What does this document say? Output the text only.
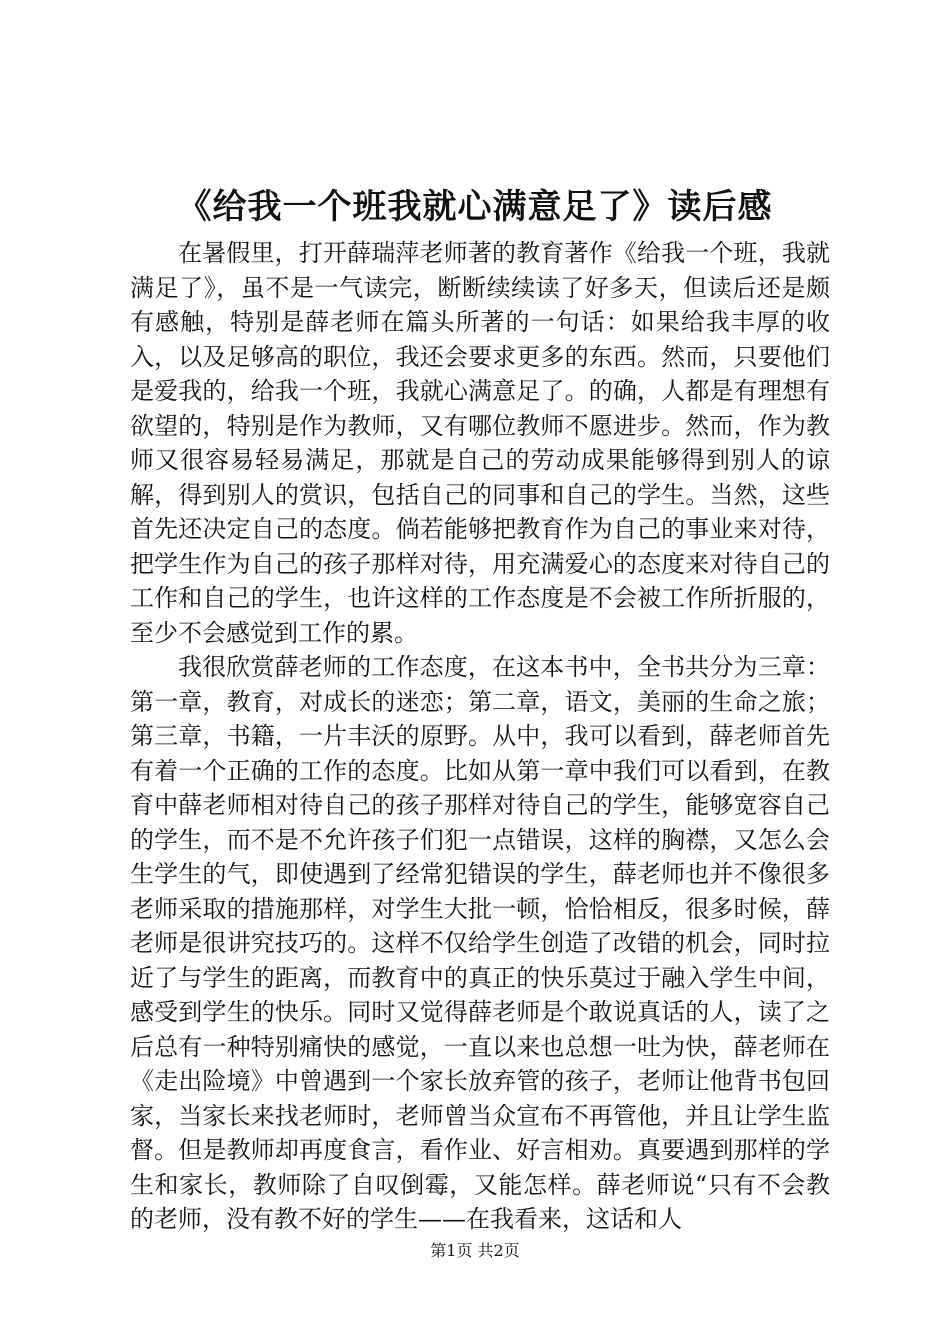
《给我一个班我就心满意足了》读后感

在暑假里，打开薛瑞萍老师著的教育著作《给我一个班，我就满足了》，虽不是一气读完，断断续续读了好多天，但读后还是颇有感触，特别是薛老师在篇头所著的一句话：如果给我丰厚的收入，以及足够高的职位，我还会要求更多的东西。然而，只要他们是爱我的，给我一个班，我就心满意足了。的确，人都是有理想有欲望的，特别是作为教师，又有哪位教师不愿进步。然而，作为教师又很容易轻易满足，那就是自己的劳动成果能够得到别人的谅解，得到别人的赏识，包括自己的同事和自己的学生。当然，这些首先还决定自己的态度。倘若能够把教育作为自己的事业来对待，把学生作为自己的孩子那样对待，用充满爱心的态度来对待自己的工作和自己的学生，也许这样的工作态度是不会被工作所折服的，至少不会感觉到工作的累。

我很欣赏薛老师的工作态度，在这本书中，全书共分为三章：第一章，教育，对成长的迷恋；第二章，语文，美丽的生命之旅；第三章，书籍，一片丰沃的原野。从中，我可以看到，薛老师首先有着一个正确的工作的态度。比如从第一章中我们可以看到，在教育中薛老师相对待自己的孩子那样对待自己的学生，能够宽容自己的学生，而不是不允许孩子们犯一点错误，这样的胸襟，又怎么会生学生的气，即使遇到了经常犯错误的学生，薛老师也并不像很多老师采取的措施那样，对学生大批一顿，恰恰相反，很多时候，薛老师是很讲究技巧的。这样不仅给学生创造了改错的机会，同时拉近了与学生的距离，而教育中的真正的快乐莫过于融入学生中间，感受到学生的快乐。同时又觉得薛老师是个敢说真话的人，读了之后总有一种特别痛快的感觉，一直以来也总想一吐为快，薛老师在《走出险境》中曾遇到一个家长放弃管的孩子，老师让他背书包回家，当家长来找老师时，老师曾当众宣布不再管他，并且让学生监督。但是教师却再度食言，看作业、好言相劝。真要遇到那样的学生和家长，教师除了自叹倒霉，又能怎样。薛老师说“只有不会教的老师，没有教不好的学生——在我看来，这话和人

第1页 共2页
